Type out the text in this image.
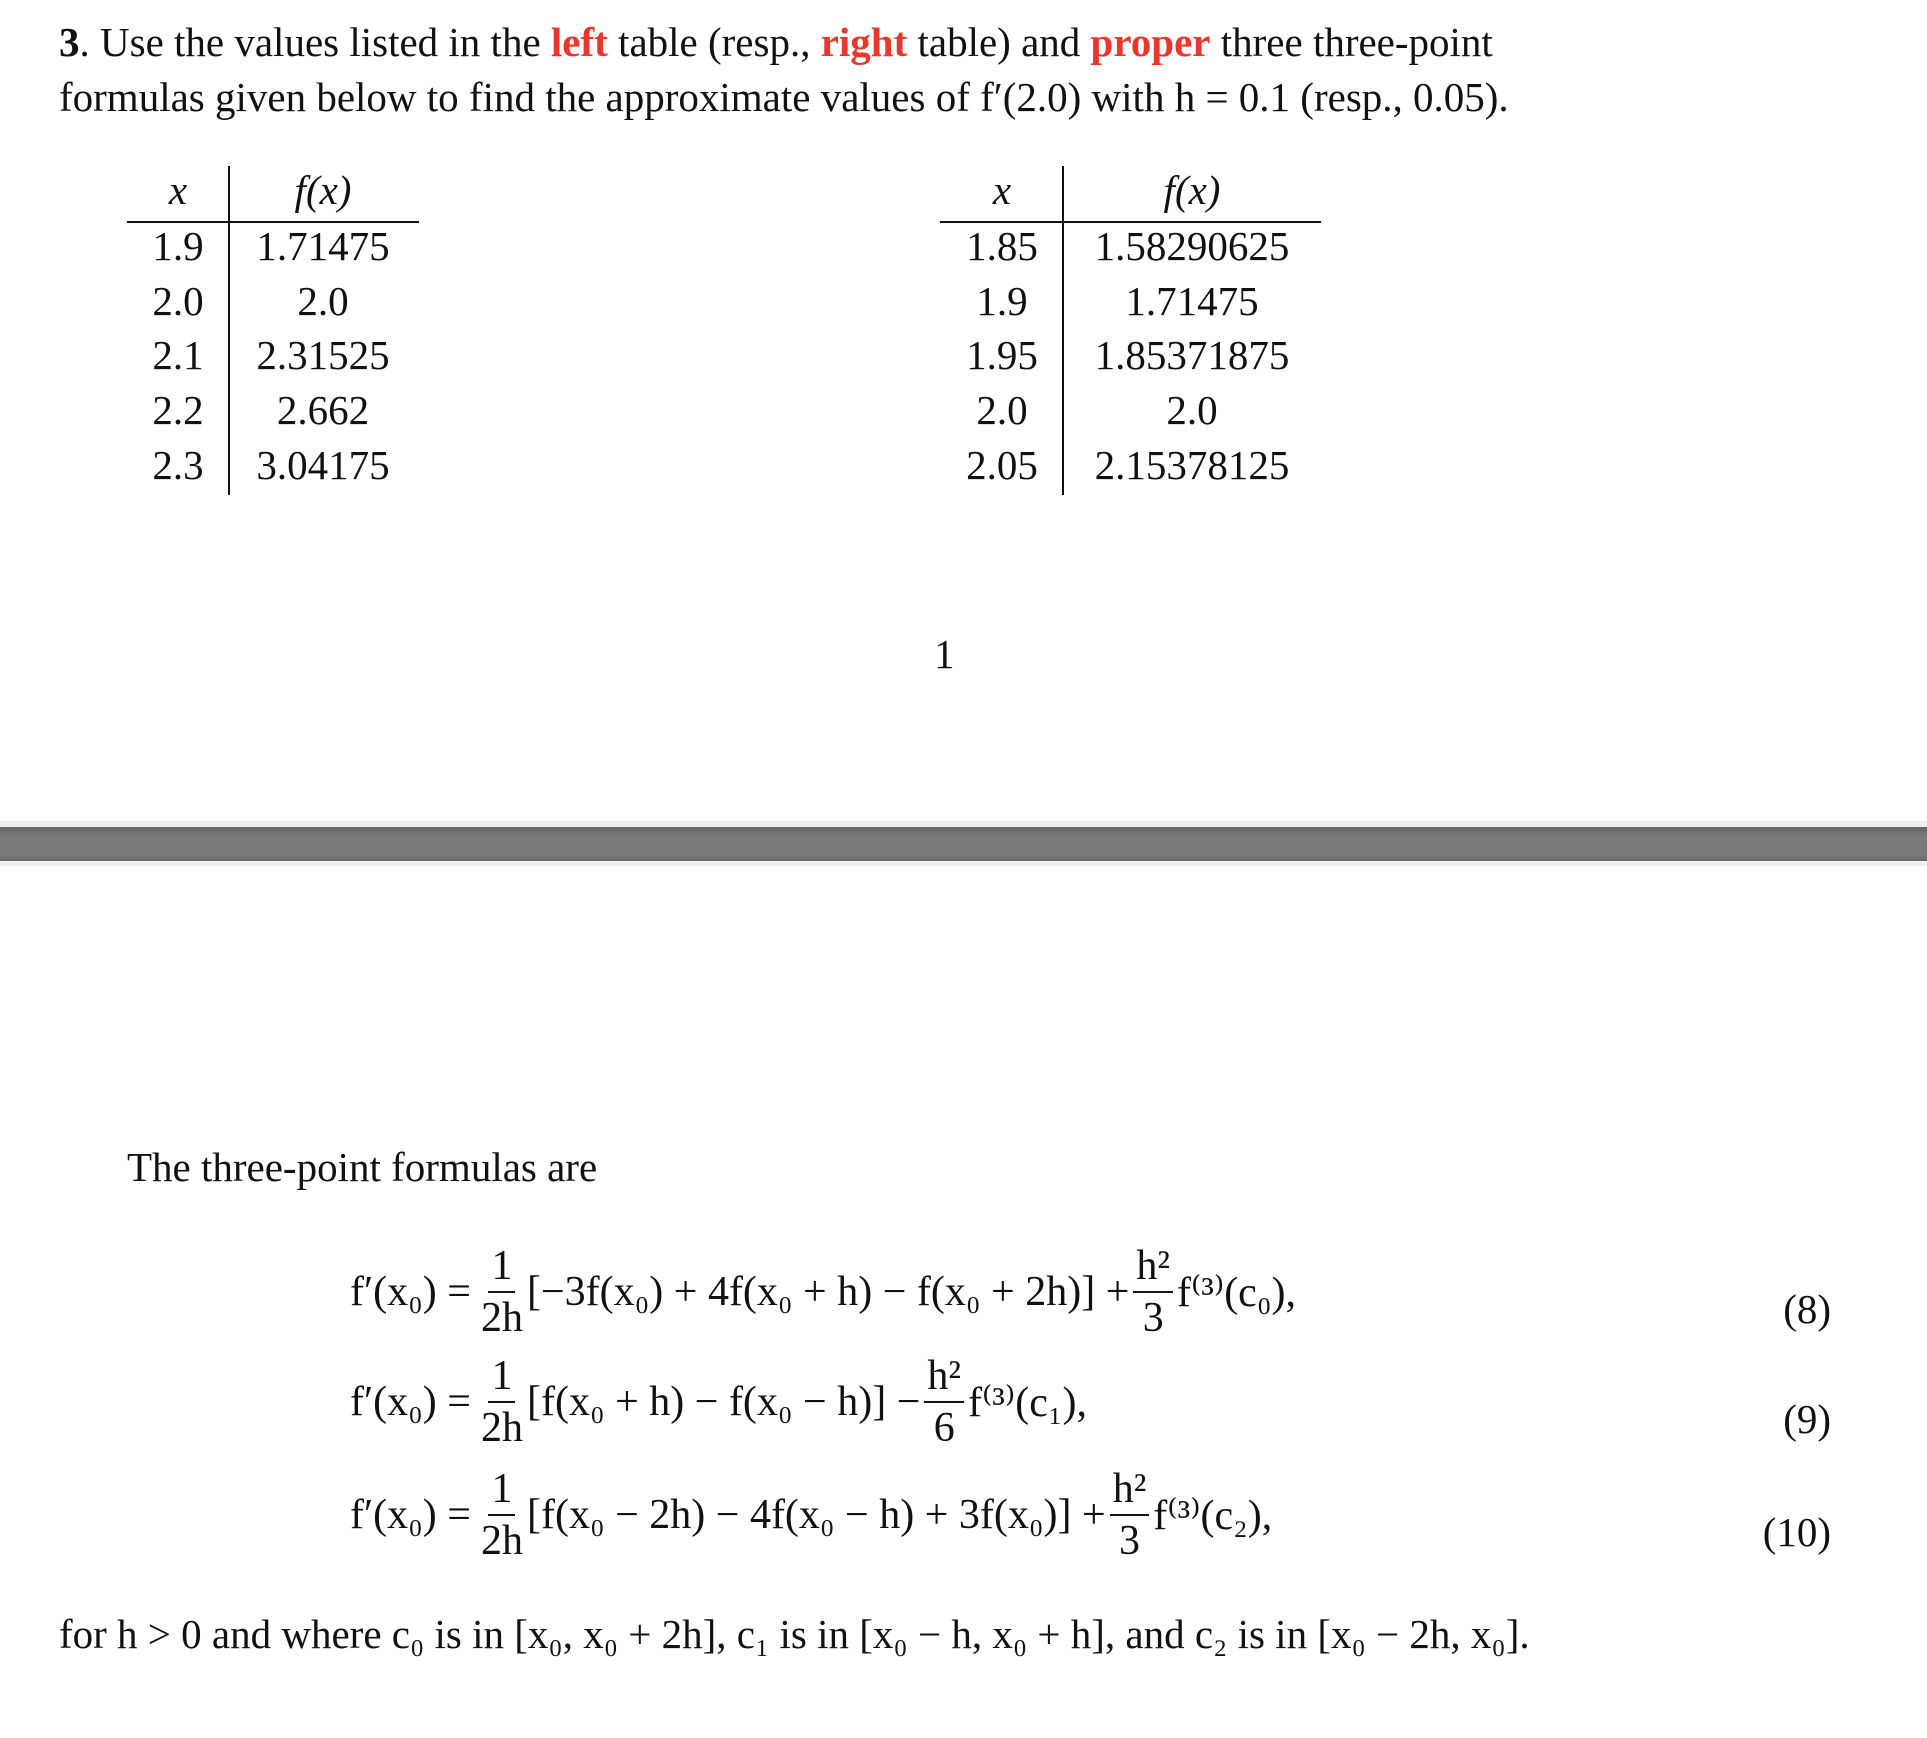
3. Use the values listed in the left table (resp., right table) and proper three three-point
formulas given below to find the approximate values of f′(2.0) with h = 0.1 (resp., 0.05).
x	f(x)
1.9 1.71475
2.0 2.0
2.1 2.31525
2.2 2.662
2.3 3.04175
x	f(x)
1.85 1.58290625
1.9 1.71475
1.95 1.85371875
2.0	2.0
2.05 2.15378125
1
The three-point formulas are
$f'(x_0) = \frac{1}{2h} [-3f(x_0) + 4f(x_0 + h) - f(x_0 + 2h)] + \frac{\text{h²}}{3} f^{(3)}(c_0)$,	(8)
$f'(x_0) = \frac{1}{2h} [f(x_0 + h) - f(x_0 - h)] - \frac{\text{h²}}{6} f^{(3)}(c_1)$,	(9)
$f'(x_0) = \frac{1}{2h} [f(x_0 - 2h) - 4f(x_0 - h) + 3f(x_0)] + \frac{\text{h²}}{3} f^{(3)}(c_2)$,	(10)
for h > 0 and where c₀ is in [x₀, x₀ + 2h], c₁ is in [x₀ − h, x₀ + h], and c₂ is in [x₀ − 2h, x₀].
